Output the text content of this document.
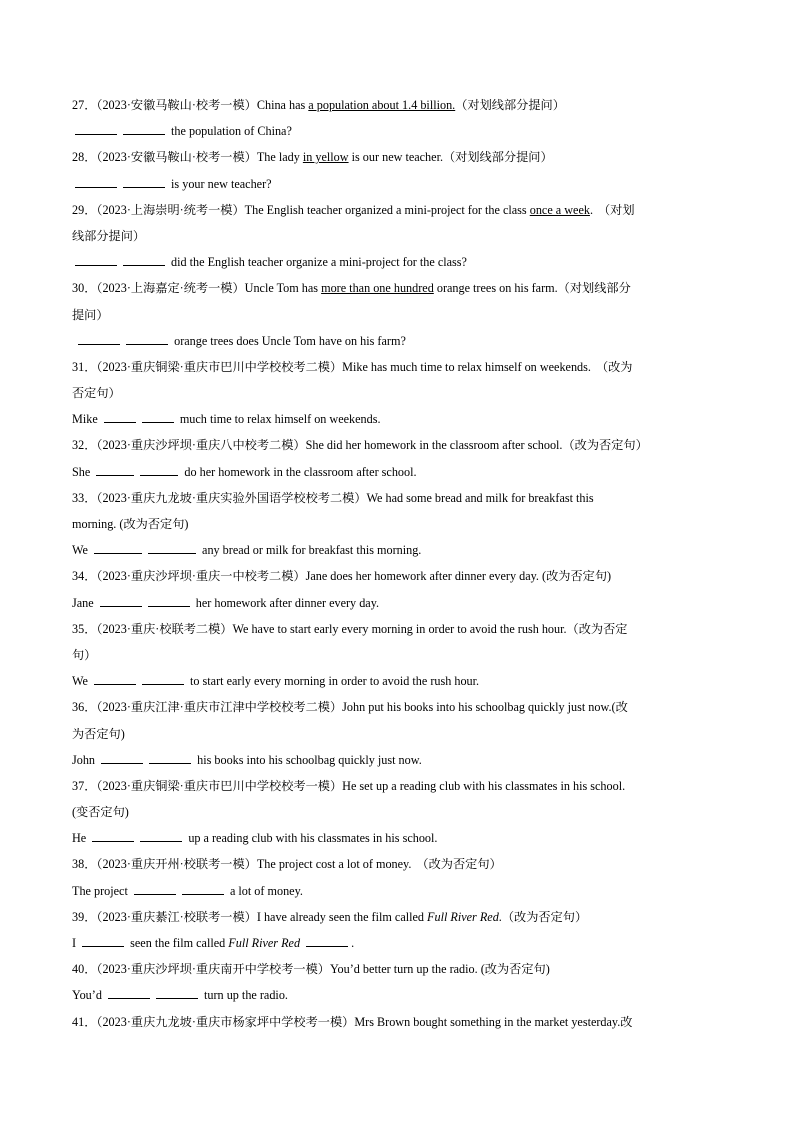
27．（2023·安徽马鞍山·校考一模）China has a population about 1.4 billion.（对划线部分提问）
the population of China?
28．（2023·安徽马鞍山·校考一模）The lady in yellow is our new teacher.（对划线部分提问）
is your new teacher?
29．（2023·上海崇明·统考一模）The English teacher organized a mini-project for the class once a week. （对划
线部分提问）
did the English teacher organize a mini-project for the class?
30．（2023·上海嘉定·统考一模）Uncle Tom has more than one hundred orange trees on his farm.（对划线部分
提问）
orange trees does Uncle Tom have on his farm?
31．（2023·重庆铜梁·重庆市巴川中学校校考二模）Mike has much time to relax himself on weekends. （改为
否定句）
Mike	much time to relax himself on weekends.
32．（2023·重庆沙坪坝·重庆八中校考二模）She did her homework in the classroom after school.（改为否定句）
She	do her homework in the classroom after school.
33．（2023·重庆九龙坡·重庆实验外国语学校校考二模）We had some bread and milk for breakfast this
morning. (改为否定句)
We	any bread or milk for breakfast this morning.
34．（2023·重庆沙坪坝·重庆一中校考二模）Jane does her homework after dinner every day. (改为否定句)
Jane	her homework after dinner every day.
35．（2023·重庆·校联考二模）We have to start early every morning in order to avoid the rush hour.（改为否定
句）
We	to start early every morning in order to avoid the rush hour.
36．（2023·重庆江津·重庆市江津中学校校考二模）John put his books into his schoolbag quickly just now.(改
为否定句)
John	his books into his schoolbag quickly just now.
37．（2023·重庆铜梁·重庆市巴川中学校校考一模）He set up a reading club with his classmates in his school.
(变否定句)
He	up a reading club with his classmates in his school.
38．（2023·重庆开州·校联考一模）The project cost a lot of money. （改为否定句）
The project	a lot of money.
39．（2023·重庆綦江·校联考一模）I have already seen the film called Full River Red.（改为否定句）
I	seen the film called Full River Red	.
40．（2023·重庆沙坪坝·重庆南开中学校考一模）You’d better turn up the radio. (改为否定句)
You’d	turn up the radio.
41．（2023·重庆九龙坡·重庆市杨家坪中学校考一模）Mrs Brown bought something in the market yesterday.改
